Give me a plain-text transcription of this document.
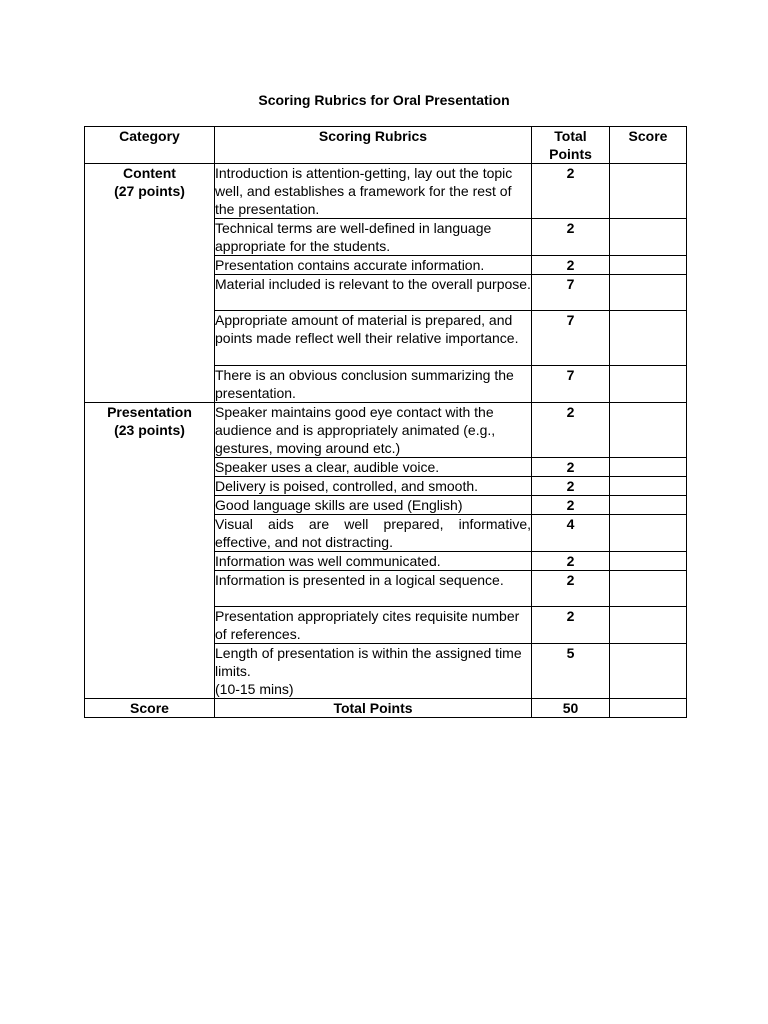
Scoring Rubrics for Oral Presentation
Category	Scoring Rubrics	Total Points	Score

Content
(27 points)	Introduction is attention-getting, lay out the topic well, and establishes a framework for the rest of the presentation.	2	
	Technical terms are well-defined in language appropriate for the students.	2	
	Presentation contains accurate information.	2	
	Material included is relevant to the overall purpose.	7	
	Appropriate amount of material is prepared, and points made reflect well their relative importance.	7	
	There is an obvious conclusion summarizing the presentation.	7	

Presentation
(23 points)	Speaker maintains good eye contact with the audience and is appropriately animated (e.g., gestures, moving around etc.)	2	
	Speaker uses a clear, audible voice.	2	
	Delivery is poised, controlled, and smooth.	2	
	Good language skills are used (English)	2	
	Visual aids are well prepared, informative, effective, and not distracting.	4	
	Information was well communicated.	2	
	Information is presented in a logical sequence.	2	
	Presentation appropriately cites requisite number of references.	2	

	Length of presentation is within the assigned time limits.
(10-15 mins)	5	
Score	Total Points	50	
